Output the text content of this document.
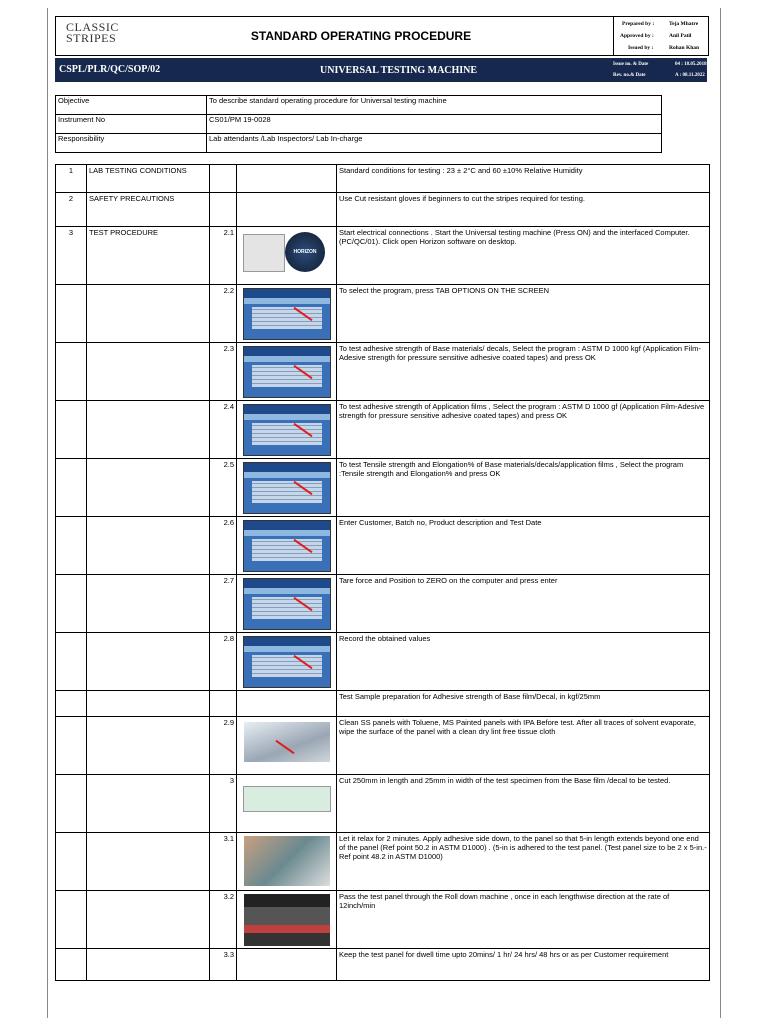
CLASSIC
STRIPES	STANDARD OPERATING PROCEDURE
Prepared by :	Teja Mhatre
Approved by :	Anil Patil
Issued by :	Rohan Khan
CSPL/PLR/QC/SOP/02	UNIVERSAL TESTING MACHINE
Issue no. & Date	04 : 18.05.2018
Rev. no.& Date	A : 08.11.2022
Objective	To describe standard operating procedure for Universal testing machine
Instrument No	CS01/PM 19-0028
Responsibility	Lab attendants /Lab Inspectors/ Lab In-charge
1	LAB TESTING CONDITIONS			Standard conditions for testing : 23 ± 2°C and 60 ±10% Relative Humidity
2	SAFETY PRECAUTIONS			Use Cut resistant gloves if beginners to cut the stripes required for testing.
3	TEST PROCEDURE	2.1	HORIZON	Start electrical connections . Start the Universal testing machine (Press ON) and the interfaced Computer.(PC/QC/01). Click open Horizon software on desktop.
		2.2		To select the program, press TAB OPTIONS ON THE SCREEN
		2.3		To test adhesive strength of Base materials/ decals, Select the program : ASTM D 1000 kgf (Application Film-Adesive strength for pressure sensitive adhesive coated tapes) and press OK
		2.4		To test adhesive strength of Application films , Select the program : ASTM D 1000 gf (Application Film-Adesive strength for pressure sensitive adhesive coated tapes) and press OK
		2.5		To test Tensile strength and Elongation% of Base materials/decals/application films , Select the program :Tensile strength and Elongation% and press OK
		2.6		Enter Customer, Batch no, Product description and Test Date
		2.7		Tare force and Position to ZERO on the computer and press enter
		2.8		Record the obtained values
				Test Sample preparation for Adhesive strength of Base film/Decal, in kgf/25mm
		2.9		Clean SS panels with Toluene, MS Painted panels with IPA Before test. After all traces of solvent evaporate, wipe the surface of the panel with a clean dry lint free tissue cloth
		3		Cut 250mm in length and 25mm in width of the test specimen from the Base film /decal to be tested.
		3.1		Let it relax for 2 minutes. Apply adhesive side down, to the panel so that 5-in length extends beyond one end of the panel (Ref point 50.2 in ASTM D1000) . (5-in is adhered to the test panel. (Test panel size to be 2 x 5-in.-Ref point 48.2 in ASTM D1000)
		3.2		Pass the test panel through the Roll down machine , once in each lengthwise direction at the rate of 12inch/min
		3.3		Keep the test panel for dwell time upto 20mins/ 1 hr/ 24 hrs/ 48 hrs or as per Customer requirement
